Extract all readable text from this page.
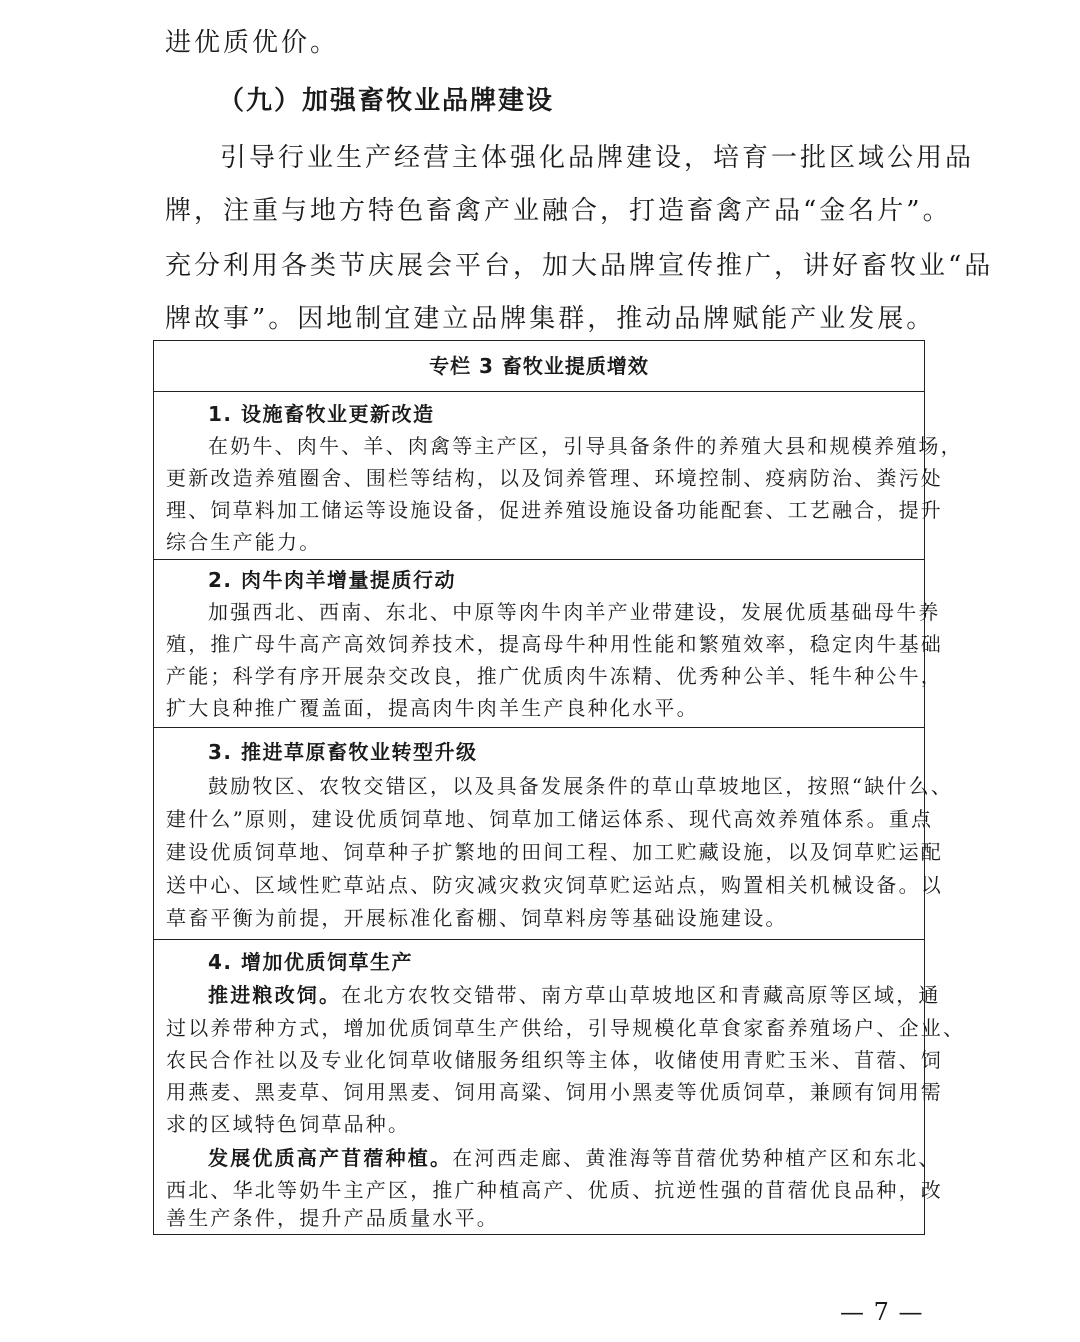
进优质优价。
（九）加强畜牧业品牌建设
引导行业生产经营主体强化品牌建设，培育一批区域公用品
牌，注重与地方特色畜禽产业融合，打造畜禽产品“金名片”。
充分利用各类节庆展会平台，加大品牌宣传推广，讲好畜牧业“品
牌故事”。因地制宜建立品牌集群，推动品牌赋能产业发展。
专栏 3 畜牧业提质增效
1. 设施畜牧业更新改造
在奶牛、肉牛、羊、肉禽等主产区，引导具备条件的养殖大县和规模养殖场，
更新改造养殖圈舍、围栏等结构，以及饲养管理、环境控制、疫病防治、粪污处
理、饲草料加工储运等设施设备，促进养殖设施设备功能配套、工艺融合，提升
综合生产能力。
2. 肉牛肉羊增量提质行动
加强西北、西南、东北、中原等肉牛肉羊产业带建设，发展优质基础母牛养
殖，推广母牛高产高效饲养技术，提高母牛种用性能和繁殖效率，稳定肉牛基础
产能；科学有序开展杂交改良，推广优质肉牛冻精、优秀种公羊、牦牛种公牛，
扩大良种推广覆盖面，提高肉牛肉羊生产良种化水平。
3. 推进草原畜牧业转型升级
鼓励牧区、农牧交错区，以及具备发展条件的草山草坡地区，按照“缺什么、
建什么”原则，建设优质饲草地、饲草加工储运体系、现代高效养殖体系。重点
建设优质饲草地、饲草种子扩繁地的田间工程、加工贮藏设施，以及饲草贮运配
送中心、区域性贮草站点、防灾减灾救灾饲草贮运站点，购置相关机械设备。以
草畜平衡为前提，开展标准化畜棚、饲草料房等基础设施建设。
4. 增加优质饲草生产
推进粮改饲。在北方农牧交错带、南方草山草坡地区和青藏高原等区域，通
过以养带种方式，增加优质饲草生产供给，引导规模化草食家畜养殖场户、企业、
农民合作社以及专业化饲草收储服务组织等主体，收储使用青贮玉米、苜蓿、饲
用燕麦、黑麦草、饲用黑麦、饲用高粱、饲用小黑麦等优质饲草，兼顾有饲用需
求的区域特色饲草品种。
发展优质高产苜蓿种植。在河西走廊、黄淮海等苜蓿优势种植产区和东北、
西北、华北等奶牛主产区，推广种植高产、优质、抗逆性强的苜蓿优良品种，改
善生产条件，提升产品质量水平。
— 7 —
